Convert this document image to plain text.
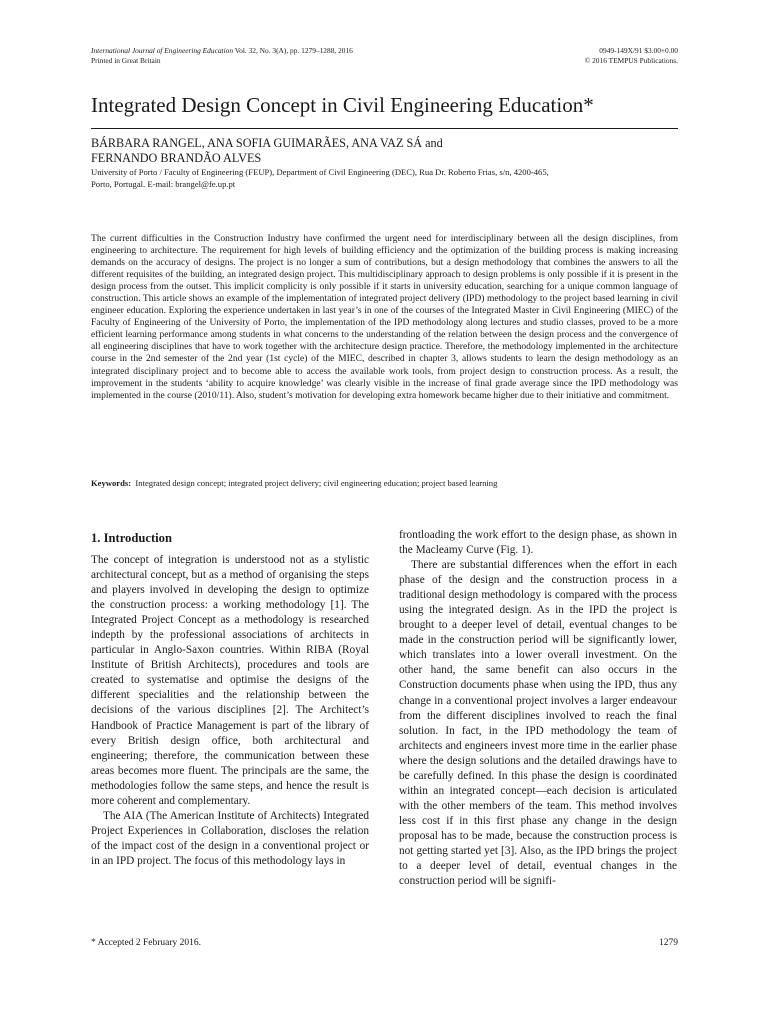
International Journal of Engineering Education Vol. 32, No. 3(A), pp. 1279–1288, 2016
Printed in Great Britain
0949-149X/91 $3.00+0.00
© 2016 TEMPUS Publications.
Integrated Design Concept in Civil Engineering Education*
BÁRBARA RANGEL, ANA SOFIA GUIMARÃES, ANA VAZ SÁ and
FERNANDO BRANDÃO ALVES
University of Porto / Faculty of Engineering (FEUP), Department of Civil Engineering (DEC), Rua Dr. Roberto Frias, s/n, 4200-465,
Porto, Portugal. E-mail: brangel@fe.up.pt

The current difficulties in the Construction Industry have confirmed the urgent need for interdisciplinary between all the design disciplines, from engineering to architecture. The requirement for high levels of building efficiency and the optimization of the building process is making increasing demands on the accuracy of designs. The project is no longer a sum of contributions, but a design methodology that combines the answers to all the different requisites of the building, an integrated design project. This multidisciplinary approach to design problems is only possible if it is present in the design process from the outset. This implicit complicity is only possible if it starts in university education, searching for a unique common language of construction. This article shows an example of the implementation of integrated project delivery (IPD) methodology to the project based learning in civil engineer education. Exploring the experience undertaken in last year’s in one of the courses of the Integrated Master in Civil Engineering (MIEC) of the Faculty of Engineering of the University of Porto, the implementation of the IPD methodology along lectures and studio classes, proved to be a more efficient learning performance among students in what concerns to the understanding of the relation between the design process and the convergence of all engineering disciplines that have to work together with the architecture design practice. Therefore, the methodology implemented in the architecture course in the 2nd semester of the 2nd year (1st cycle) of the MIEC, described in chapter 3, allows students to learn the design methodology as an integrated disciplinary project and to become able to access the available work tools, from project design to construction process. As a result, the improvement in the students ‘ability to acquire knowledge’ was clearly visible in the increase of final grade average since the IPD methodology was implemented in the course (2010/11). Also, student’s motivation for developing extra homework became higher due to their initiative and commitment.

Keywords: Integrated design concept; integrated project delivery; civil engineering education; project based learning
1. Introduction

The concept of integration is understood not as a stylistic architectural concept, but as a method of organising the steps and players involved in developing the design to optimize the construction process: a working methodology [1]. The Integrated Project Concept as a methodology is researched indepth by the professional associations of architects in particular in Anglo-Saxon countries. Within RIBA (Royal Institute of British Architects), procedures and tools are created to systematise and optimise the designs of the different specialities and the relationship between the decisions of the various disciplines [2]. The Architect’s Handbook of Practice Management is part of the library of every British design office, both architectural and engineering; therefore, the communication between these areas becomes more fluent. The principals are the same, the methodologies follow the same steps, and hence the result is more coherent and complementary.

The AIA (The American Institute of Architects) Integrated Project Experiences in Collaboration, discloses the relation of the impact cost of the design in a conventional project or in an IPD project. The focus of this methodology lays in

frontloading the work effort to the design phase, as shown in the Macleamy Curve (Fig. 1).

There are substantial differences when the effort in each phase of the design and the construction process in a traditional design methodology is compared with the process using the integrated design. As in the IPD the project is brought to a deeper level of detail, eventual changes to be made in the construction period will be significantly lower, which translates into a lower overall investment. On the other hand, the same benefit can also occurs in the Construction documents phase when using the IPD, thus any change in a conventional project involves a larger endeavour from the different disciplines involved to reach the final solution. In fact, in the IPD methodology the team of architects and engineers invest more time in the earlier phase where the design solutions and the detailed drawings have to be carefully defined. In this phase the design is coordinated within an integrated concept—each decision is articulated with the other members of the team. This method involves less cost if in this first phase any change in the design proposal has to be made, because the construction process is not getting started yet [3]. Also, as the IPD brings the project to a deeper level of detail, eventual changes in the construction period will be signifi-

* Accepted 2 February 2016.	1279
